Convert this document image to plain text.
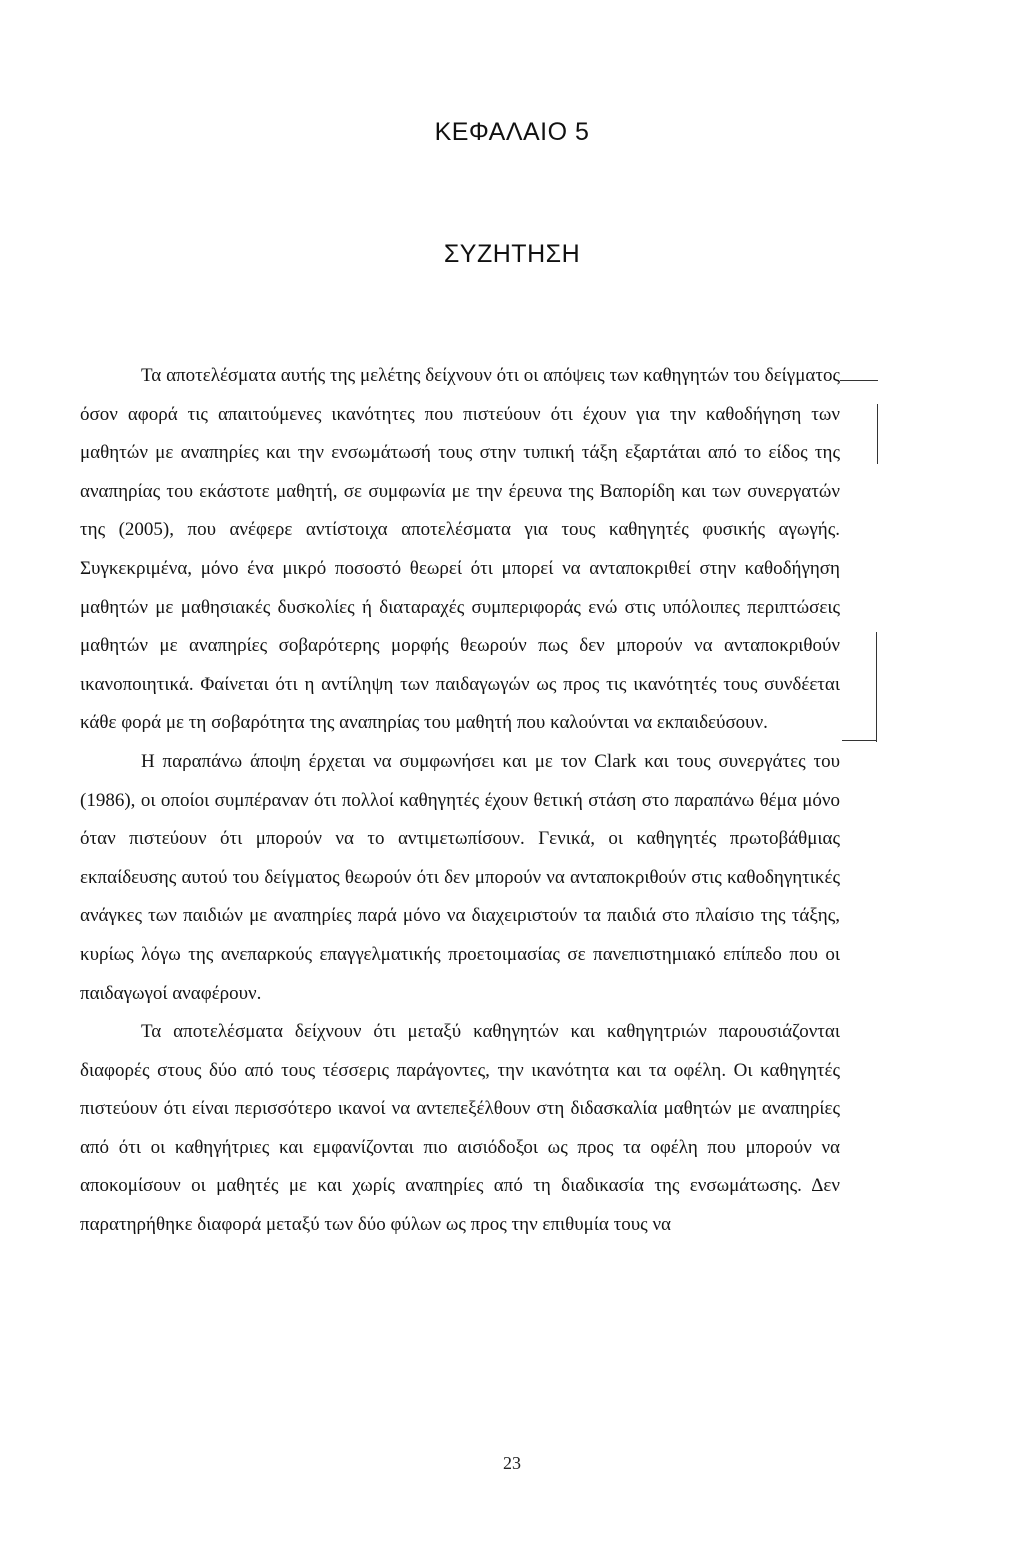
ΚΕΦΑΛΑΙΟ 5
ΣΥΖΗΤΗΣΗ

Τα αποτελέσματα αυτής της μελέτης δείχνουν ότι οι απόψεις των καθηγητών του δείγματος όσον αφορά τις απαιτούμενες ικανότητες που πιστεύουν ότι έχουν για την καθοδήγηση των μαθητών με αναπηρίες και την ενσωμάτωσή τους στην τυπική τάξη εξαρτάται από το είδος της αναπηρίας του εκάστοτε μαθητή, σε συμφωνία με την έρευνα της Βαπορίδη και των συνεργατών της (2005), που ανέφερε αντίστοιχα αποτελέσματα για τους καθηγητές φυσικής αγωγής. Συγκεκριμένα, μόνο ένα μικρό ποσοστό θεωρεί ότι μπορεί να ανταποκριθεί στην καθοδήγηση μαθητών με μαθησιακές δυσκολίες ή διαταραχές συμπεριφοράς ενώ στις υπόλοιπες περιπτώσεις μαθητών με αναπηρίες σοβαρότερης μορφής θεωρούν πως δεν μπορούν να ανταποκριθούν ικανοποιητικά. Φαίνεται ότι η αντίληψη των παιδαγωγών ως προς τις ικανότητές τους συνδέεται κάθε φορά με τη σοβαρότητα της αναπηρίας του μαθητή που καλούνται να εκπαιδεύσουν.

Η παραπάνω άποψη έρχεται να συμφωνήσει και με τον Clark και τους συνεργάτες του (1986), οι οποίοι συμπέραναν ότι πολλοί καθηγητές έχουν θετική στάση στο παραπάνω θέμα μόνο όταν πιστεύουν ότι μπορούν να το αντιμετωπίσουν. Γενικά, οι καθηγητές πρωτοβάθμιας εκπαίδευσης αυτού του δείγματος θεωρούν ότι δεν μπορούν να ανταποκριθούν στις καθοδηγητικές ανάγκες των παιδιών με αναπηρίες παρά μόνο να διαχειριστούν τα παιδιά στο πλαίσιο της τάξης, κυρίως λόγω της ανεπαρκούς επαγγελματικής προετοιμασίας σε πανεπιστημιακό επίπεδο που οι παιδαγωγοί αναφέρουν.

Τα αποτελέσματα δείχνουν ότι μεταξύ καθηγητών και καθηγητριών παρουσιάζονται διαφορές στους δύο από τους τέσσερις παράγοντες, την ικανότητα και τα οφέλη. Οι καθηγητές πιστεύουν ότι είναι περισσότερο ικανοί να αντεπεξέλθουν στη διδασκαλία μαθητών με αναπηρίες από ότι οι καθηγήτριες και εμφανίζονται πιο αισιόδοξοι ως προς τα οφέλη που μπορούν να αποκομίσουν οι μαθητές με και χωρίς αναπηρίες από τη διαδικασία της ενσωμάτωσης. Δεν παρατηρήθηκε διαφορά μεταξύ των δύο φύλων ως προς την επιθυμία τους να

23
